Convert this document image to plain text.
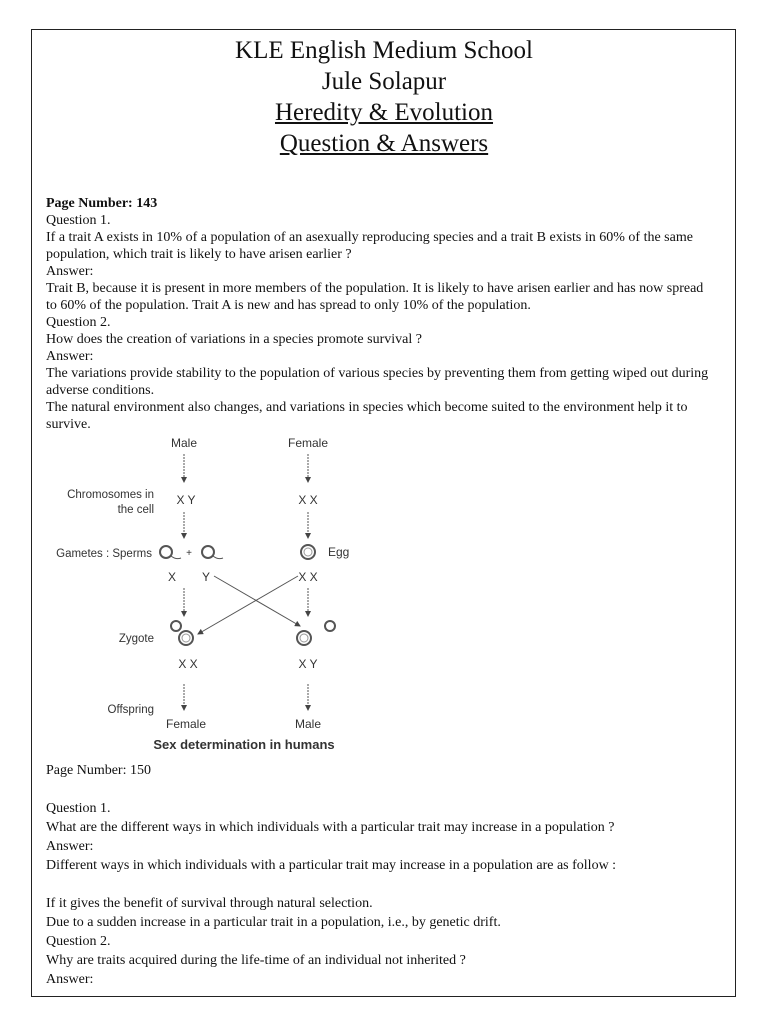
KLE English Medium School
Jule Solapur
Heredity & Evolution
Question & Answers

Page Number: 143

Question 1.

If a trait A exists in 10% of a population of an asexually reproducing species and a trait B exists in 60% of the same population, which trait is likely to have arisen earlier ?

Answer:

Trait B, because it is present in more members of the population. It is likely to have arisen earlier and has now spread to 60% of the population. Trait A is new and has spread to only 10% of the population.

Question 2.

How does the creation of variations in a species promote survival ?

Answer:

The variations provide stability to the population of various species by preventing them from getting wiped out during adverse conditions.

The natural environment also changes, and variations in species which become suited to the environment help it to survive.

Male	Female
Chromosomes in
the cell
X Y	X X
Gametes : Sperms	+	Egg
X Y	X X
Zygote
X X	X Y
Offspring
Female	Male
Sex determination in humans

Page Number: 150

Question 1.

What are the different ways in which individuals with a particular trait may increase in a population ?

Answer:

Different ways in which individuals with a particular trait may increase in a population are as follow :

If it gives the benefit of survival through natural selection.

Due to a sudden increase in a particular trait in a population, i.e., by genetic drift.

Question 2.

Why are traits acquired during the life-time of an individual not inherited ?

Answer:
